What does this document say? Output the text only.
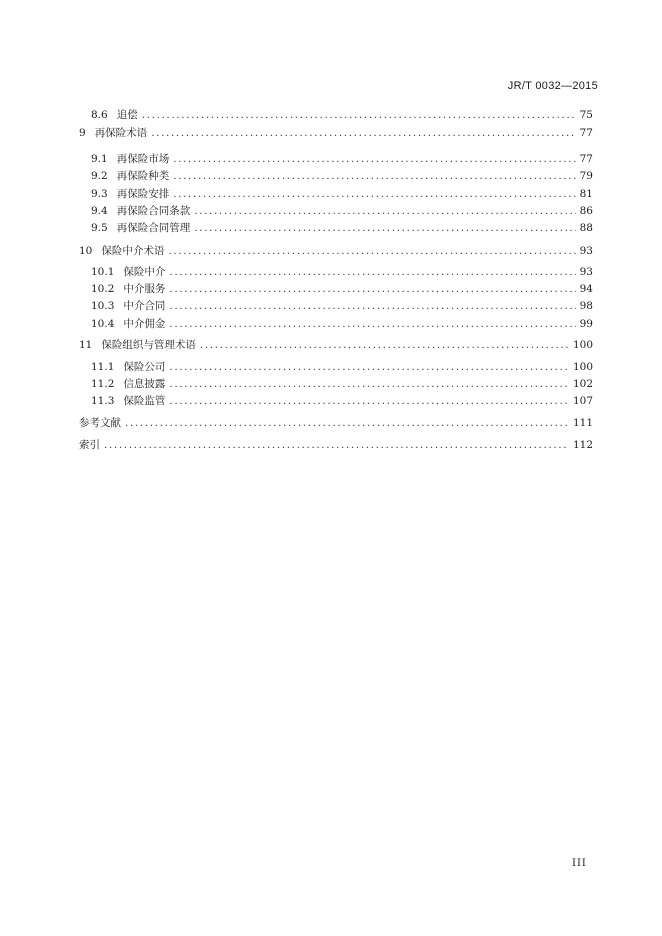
JR/T 0032—2015
8.6 追偿 .....	75
9 再保险术语 .....	77
9.1 再保险市场 .....	77
9.2 再保险种类 .....	79
9.3 再保险安排 .....	81
9.4 再保险合同条款 .....	86
9.5 再保险合同管理 .....	88
10 保险中介术语 .....	93
10.1 保险中介 .....	93
10.2 中介服务 .....	94
10.3 中介合同 .....	98
10.4 中介佣金 .....	99
11 保险组织与管理术语 .....	100
11.1 保险公司 .....	100
11.2 信息披露 .....	102
11.3 保险监管 .....	107
参考文献 .....	111
索引 .....	112
III
